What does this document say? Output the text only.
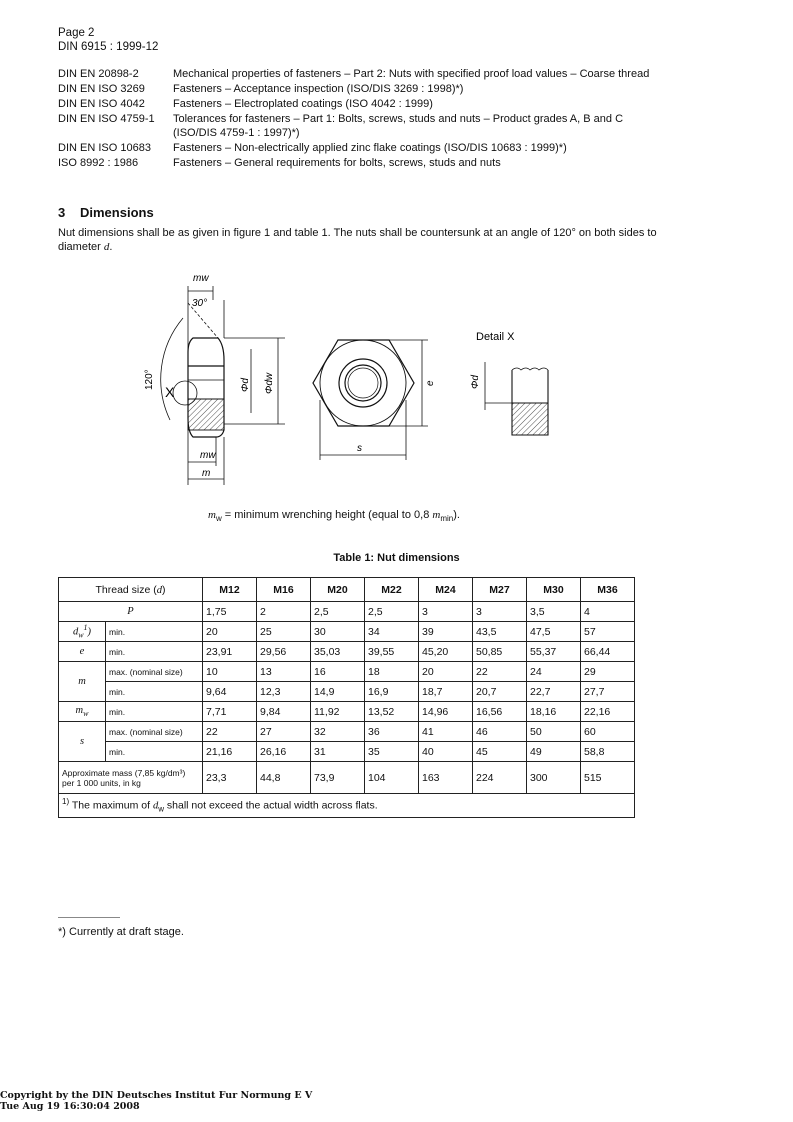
Page 2
DIN 6915 : 1999-12
DIN EN 20898-2	Mechanical properties of fasteners – Part 2: Nuts with specified proof load values – Coarse thread
DIN EN ISO 3269	Fasteners – Acceptance inspection (ISO/DIS 3269 : 1998)*)
DIN EN ISO 4042	Fasteners – Electroplated coatings (ISO 4042 : 1999)
DIN EN ISO 4759-1	Tolerances for fasteners – Part 1: Bolts, screws, studs and nuts – Product grades A, B and C (ISO/DIS 4759-1 : 1997)*)
DIN EN ISO 10683	Fasteners – Non-electrically applied zinc flake coatings (ISO/DIS 10683 : 1999)*)
ISO 8992 : 1986	Fasteners – General requirements for bolts, screws, studs and nuts
3 Dimensions
Nut dimensions shall be as given in figure 1 and table 1. The nuts shall be countersunk at an angle of 120° on both sides to diameter d.
mw
30°
120°
X	Φd Φdw
mw
m
e
s
Detail X
Φd
$m_w$ = minimum wrenching height (equal to 0,8 $m_{min}$).
Table 1: Nut dimensions
Thread size (d)		M12	M16	M20	M22	M24	M27	M30	M36
P		1,75	2	2,5	2,5	3	3	3,5	4
$d_w^1$)	min.	20	25	30	34	39	43,5	47,5	57
e	min.	23,91	29,56	35,03	39,55	45,20	50,85	55,37	66,44
m	max. (nominal size)	10	13	16	18	20	22	24	29
	min.	9,64	12,3	14,9	16,9	18,7	20,7	22,7	27,7
$m_w$	min.	7,71	9,84	11,92	13,52	14,96	16,56	18,16	22,16
s	max. (nominal size)	22	27	32	36	41	46	50	60
	min.	21,16	26,16	31	35	40	45	49	58,8

Approximate mass (7,85 kg/dm³)
per 1 000 units, in kg		23,3	44,8	73,9	104	163	224	300	515
$^{1)}$ The maximum of $d_w$ shall not exceed the actual width across flats.									
*) Currently at draft stage.
Copyright by the DIN Deutsches Institut Fur Normung E V
Tue Aug 19 16:30:04 2008
